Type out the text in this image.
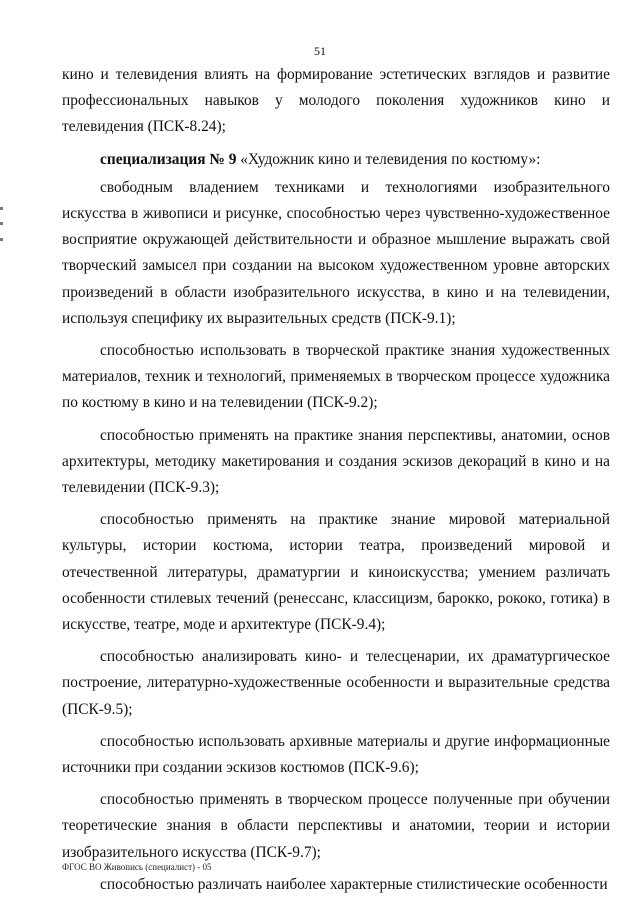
51

кино и телевидения влиять на формирование эстетических взглядов и развитие профессиональных навыков у молодого поколения художников кино и телевидения (ПСК-8.24);

специализация № 9 «Художник кино и телевидения по костюму»:

свободным владением техниками и технологиями изобразительного искусства в живописи и рисунке, способностью через чувственно-художественное восприятие окружающей действительности и образное мышление выражать свой творческий замысел при создании на высоком художественном уровне авторских произведений в области изобразительного искусства, в кино и на телевидении, используя специфику их выразительных средств (ПСК-9.1);

способностью использовать в творческой практике знания художественных материалов, техник и технологий, применяемых в творческом процессе художника по костюму в кино и на телевидении (ПСК-9.2);

способностью применять на практике знания перспективы, анатомии, основ архитектуры, методику макетирования и создания эскизов декораций в кино и на телевидении (ПСК-9.3);

способностью применять на практике знание мировой материальной культуры, истории костюма, истории театра, произведений мировой и отечественной литературы, драматургии и киноискусства; умением различать особенности стилевых течений (ренессанс, классицизм, барокко, рококо, готика) в искусстве, театре, моде и архитектуре (ПСК-9.4);

способностью анализировать кино- и телесценарии, их драматургическое построение, литературно-художественные особенности и выразительные средства (ПСК-9.5);

способностью использовать архивные материалы и другие информационные источники при создании эскизов костюмов (ПСК-9.6);

способностью применять в творческом процессе полученные при обучении теоретические знания в области перспективы и анатомии, теории и истории изобразительного искусства (ПСК-9.7);

способностью различать наиболее характерные стилистические особенности

ФГОС ВО Живопись (специалист) - 05
